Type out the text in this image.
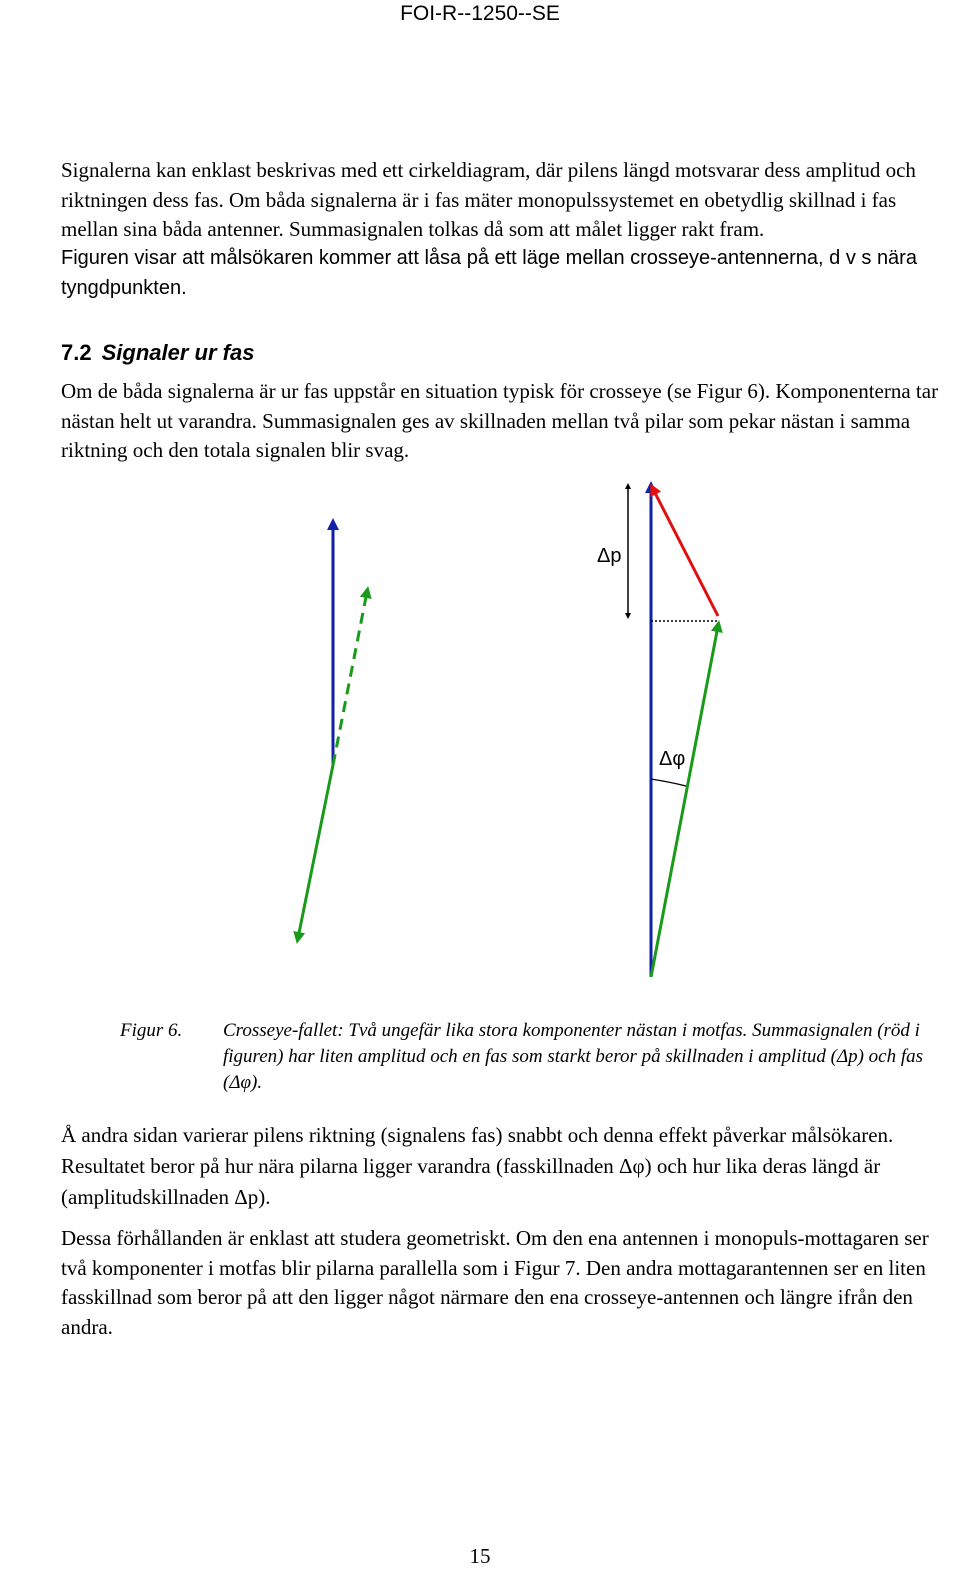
FOI-R--1250--SE

Signalerna kan enklast beskrivas med ett cirkeldiagram, där pilens längd motsvarar dess amplitud och riktningen dess fas. Om båda signalerna är i fas mäter monopulssystemet en obetydlig skillnad i fas mellan sina båda antenner. Summasignalen tolkas då som att målet ligger rakt fram.

Figuren visar att målsökaren kommer att låsa på ett läge mellan crosseye-antennerna, d v s nära tyngdpunkten.

7.2 Signaler ur fas

Om de båda signalerna är ur fas uppstår en situation typisk för crosseye (se Figur 6). Komponenterna tar nästan helt ut varandra. Summasignalen ges av skillnaden mellan två pilar som pekar nästan i samma riktning och den totala signalen blir svag.

Δp
Δφ
Figur 6. Crosseye-fallet: Två ungefär lika stora komponenter nästan i motfas. Summasignalen (röd i figuren) har liten amplitud och en fas som starkt beror på skillnaden i amplitud (Δp) och fas (Δφ).

Å andra sidan varierar pilens riktning (signalens fas) snabbt och denna effekt påverkar målsökaren. Resultatet beror på hur nära pilarna ligger varandra (fasskillnaden Δφ) och hur lika deras längd är (amplitudskillnaden Δp).

Dessa förhållanden är enklast att studera geometriskt. Om den ena antennen i monopuls-mottagaren ser två komponenter i motfas blir pilarna parallella som i Figur 7. Den andra mottagarantennen ser en liten fasskillnad som beror på att den ligger något närmare den ena crosseye-antennen och längre ifrån den andra.

15
